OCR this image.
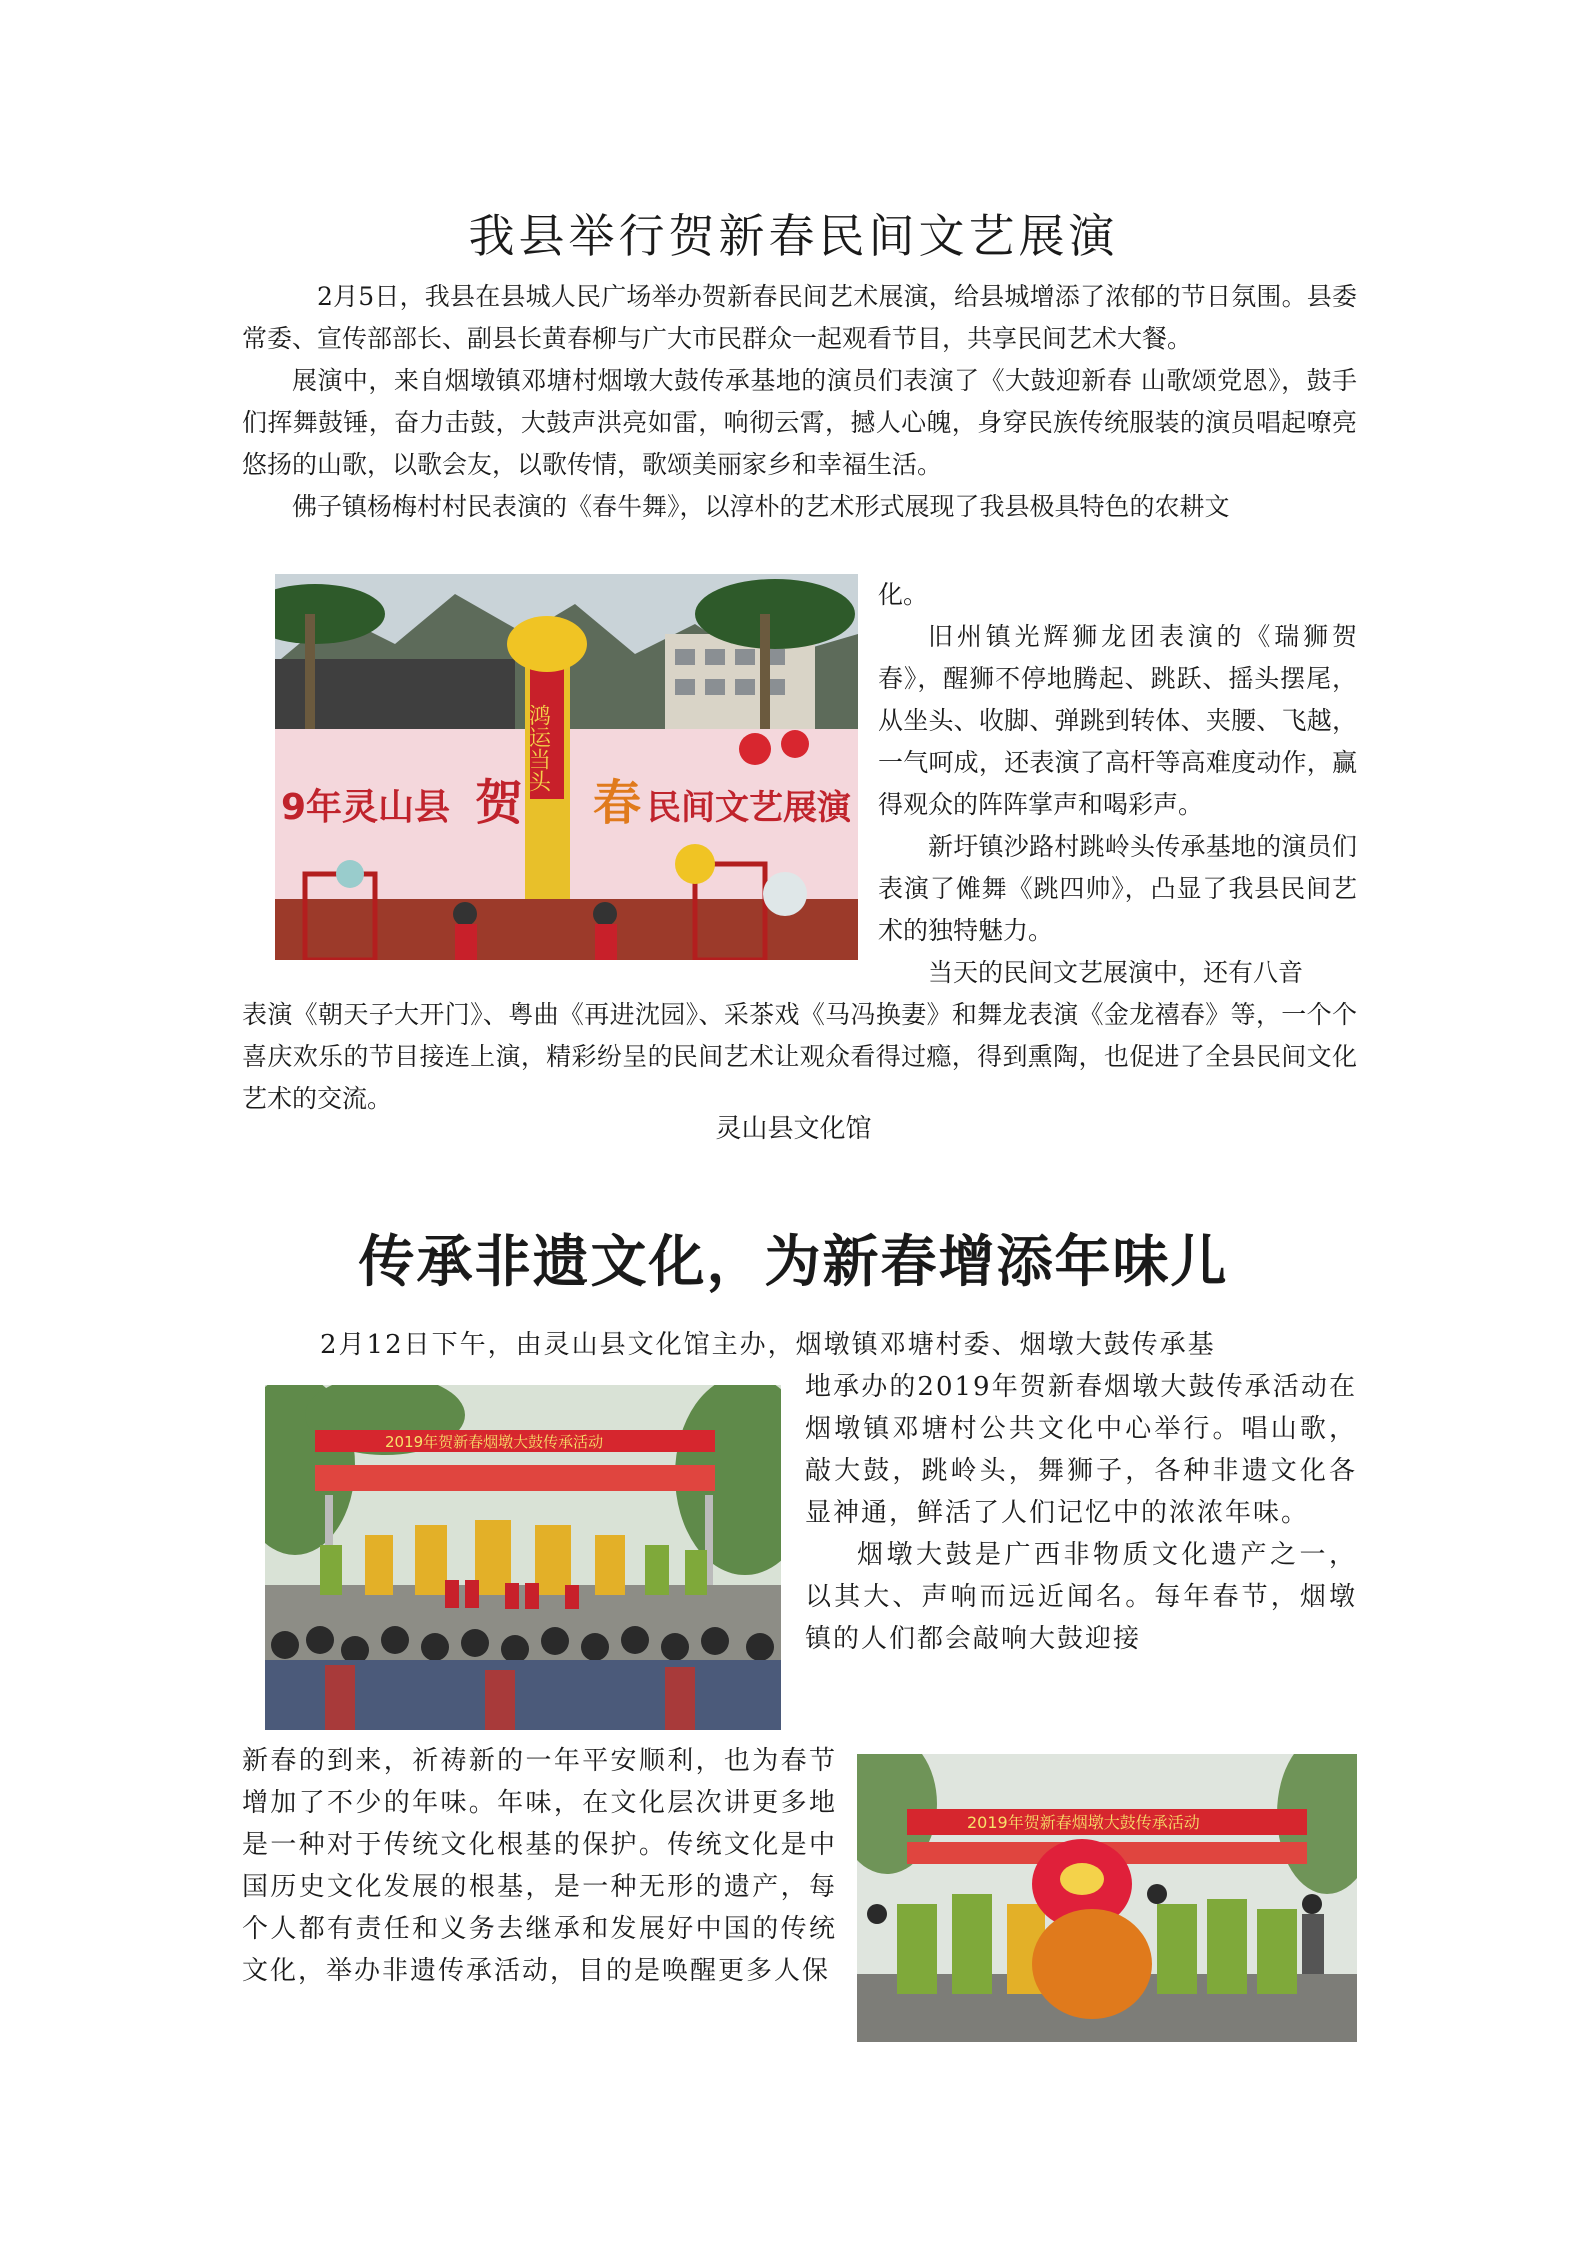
我县举行贺新春民间文艺展演

2月5日，我县在县城人民广场举办贺新春民间艺术展演，给县城增添了浓郁的节日氛围。县委常委、宣传部部长、副县长黄春柳与广大市民群众一起观看节目，共享民间艺术大餐。

展演中，来自烟墩镇邓塘村烟墩大鼓传承基地的演员们表演了《大鼓迎新春 山歌颂党恩》，鼓手们挥舞鼓锤，奋力击鼓，大鼓声洪亮如雷，响彻云霄，撼人心魄，身穿民族传统服装的演员唱起嘹亮悠扬的山歌，以歌会友，以歌传情，歌颂美丽家乡和幸福生活。

佛子镇杨梅村村民表演的《春牛舞》，以淳朴的艺术形式展现了我县极具特色的农耕文

9年灵山县 贺 春 民间文艺展演
鸿运当头

化。

旧州镇光辉狮龙团表演的《瑞狮贺春》，醒狮不停地腾起、跳跃、摇头摆尾，从坐头、收脚、弹跳到转体、夹腰、飞越，一气呵成，还表演了高杆等高难度动作，赢得观众的阵阵掌声和喝彩声。

新圩镇沙路村跳岭头传承基地的演员们表演了傩舞《跳四帅》，凸显了我县民间艺术的独特魅力。

当天的民间文艺展演中，还有八音

表演《朝天子大开门》、粤曲《再进沈园》、采茶戏《马冯换妻》和舞龙表演《金龙禧春》等，一个个喜庆欢乐的节目接连上演，精彩纷呈的民间艺术让观众看得过瘾，得到熏陶，也促进了全县民间文化艺术的交流。

灵山县文化馆
传承非遗文化，为新春增添年味儿

2月12日下午，由灵山县文化馆主办，烟墩镇邓塘村委、烟墩大鼓传承基

2019年贺新春烟墩大鼓传承活动

地承办的2019年贺新春烟墩大鼓传承活动在烟墩镇邓塘村公共文化中心举行。唱山歌，敲大鼓，跳岭头，舞狮子，各种非遗文化各显神通，鲜活了人们记忆中的浓浓年味。

烟墩大鼓是广西非物质文化遗产之一，以其大、声响而远近闻名。每年春节，烟墩镇的人们都会敲响大鼓迎接

新春的到来，祈祷新的一年平安顺利，也为春节增加了不少的年味。年味，在文化层次讲更多地是一种对于传统文化根基的保护。传统文化是中国历史文化发展的根基，是一种无形的遗产，每个人都有责任和义务去继承和发展好中国的传统文化，举办非遗传承活动，目的是唤醒更多人保

2019年贺新春烟墩大鼓传承活动
